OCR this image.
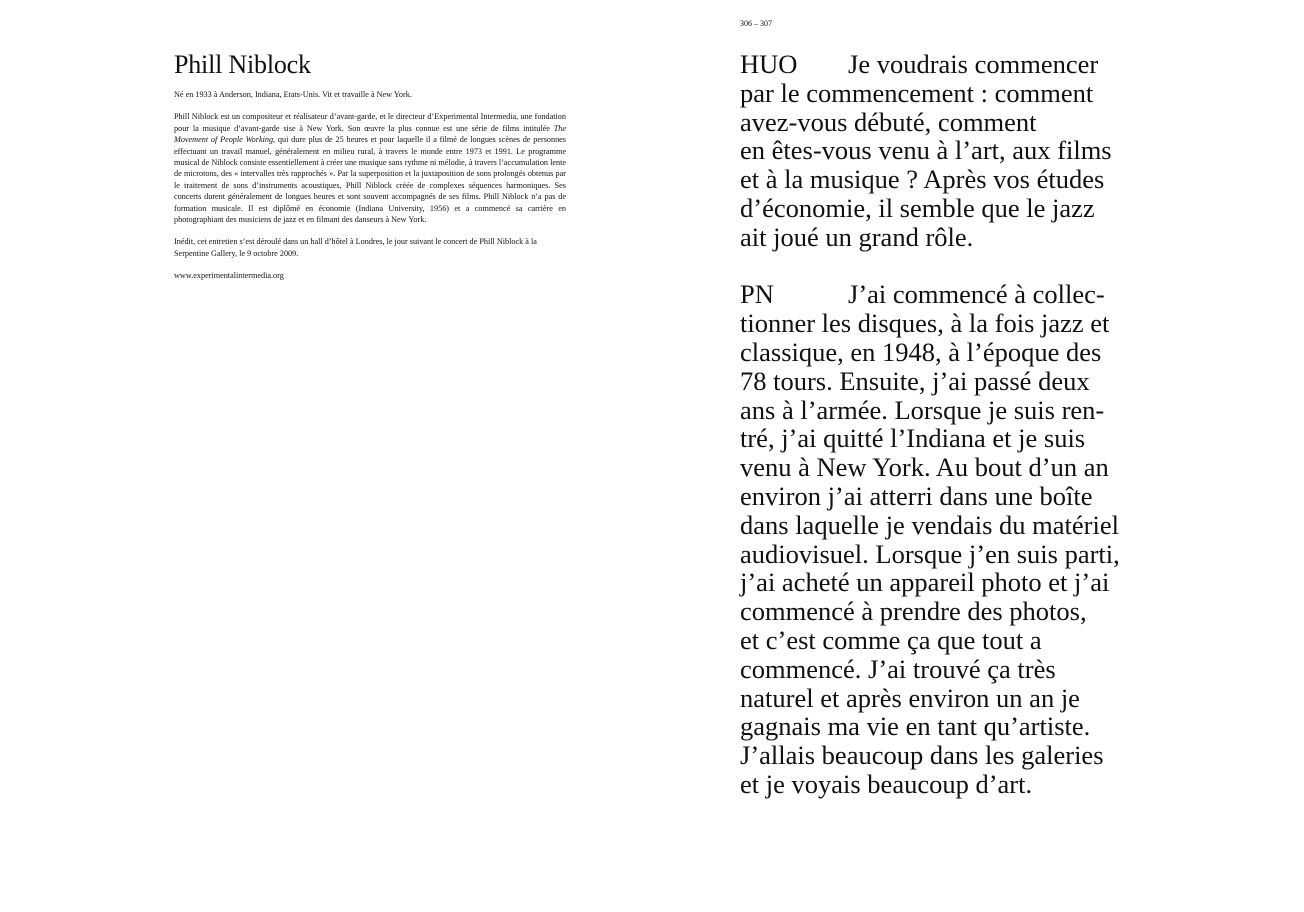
Phill Niblock

Né en 1933 à Anderson, Indiana, Etats-Unis. Vit et travaille à New York.

Phill Niblock est un compositeur et réalisateur d’avant-garde, et le directeur d’Experimental Intermedia, une fondation pour la musique d’avant-garde sise à New York. Son œuvre la plus connue est une série de films intitulée The Movement of People Working, qui dure plus de 25 heures et pour laquelle il a filmé de longues scènes de personnes effectuant un travail manuel, généralement en milieu rural, à travers le monde entre 1973 et 1991. Le programme musical de Niblock consiste essentiellement à créer une musique sans rythme ni mélodie, à travers l’accumulation lente de microtons, des « intervalles très rapprochés ». Par la superposition et la juxtaposition de sons prolongés obtenus par le traitement de sons d’instruments acoustiques, Phill Niblock créée de complexes séquences harmoniques. Ses concerts durent généralement de longues heures et sont souvent accompagnés de ses films. Phill Niblock n’a pas de formation musicale. Il est diplômé en économie (Indiana University, 1956) et a commencé sa carrière en photographiant des musiciens de jazz et en filmant des danseurs à New York.

Inédit, cet entretien s’est déroulé dans un hall d’hôtel à Londres, le jour suivant le concert de Phill Niblock à la Serpentine Gallery, le 9 octobre 2009.

www.experimentalintermedia.org

306 – 307

HUO Je voudrais commencer
par le commencement : comment
avez-vous débuté, comment
en êtes-vous venu à l’art, aux films
et à la musique ? Après vos études
d’économie, il semble que le jazz
ait joué un grand rôle.

PN	J’ai commencé à collec-
tionner les disques, à la fois jazz et
classique, en 1948, à l’époque des
78 tours. Ensuite, j’ai passé deux
ans à l’armée. Lorsque je suis ren-
tré, j’ai quitté l’Indiana et je suis
venu à New York. Au bout d’un an
environ j’ai atterri dans une boîte
dans laquelle je vendais du matériel
audiovisuel. Lorsque j’en suis parti,
j’ai acheté un appareil photo et j’ai
commencé à prendre des photos,
et c’est comme ça que tout a
commencé. J’ai trouvé ça très
naturel et après environ un an je
gagnais ma vie en tant qu’artiste.
J’allais beaucoup dans les galeries
et je voyais beaucoup d’art.
